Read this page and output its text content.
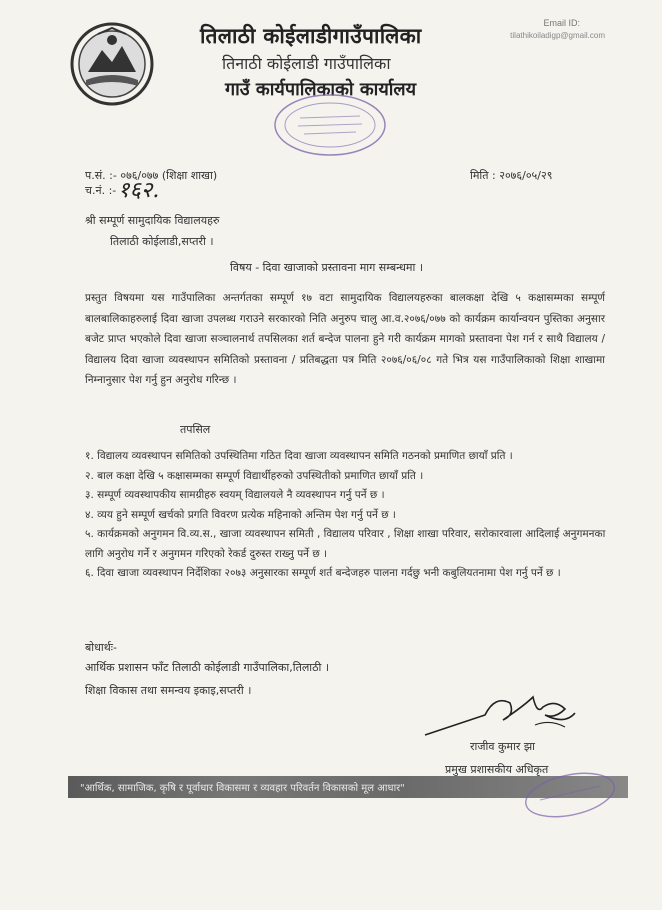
तिलाठी कोईलाडीगाउँपालिका
तिनाठी कोईलाडी गाउँपालिका
गाउँ कार्यपालिकाको कार्यालय
Email ID:
tilathikoiladigp@gmail.com
प.सं. :- ०७६/०७७ (शिक्षा शाखा)
च.नं. :- १६२.
मिति : २०७६/०५/२९
श्री सम्पूर्ण सामुदायिक विद्यालयहरु
तिलाठी कोईलाडी,सप्तरी ।
विषय - दिवा खाजाको प्रस्तावना माग सम्बन्धमा ।
प्रस्तुत विषयमा यस गाउँपालिका अन्तर्गतका सम्पूर्ण १७ वटा सामुदायिक विद्यालयहरुका बालकक्षा देखि ५ कक्षासम्मका सम्पूर्ण बालबालिकाहरुलाई दिवा खाजा उपलब्ध गराउने सरकारको निति अनुरुप चालु आ.व.२०७६/०७७ को कार्यक्रम कार्यान्वयन पुस्तिका अनुसार बजेट प्राप्त भएकोले दिवा खाजा सञ्चालनार्थ तपसिलका शर्त बन्देज पालना हुने गरी कार्यक्रम मागको प्रस्तावना पेश गर्न र साथै विद्यालय / विद्यालय दिवा खाजा व्यवस्थापन समितिको प्रस्तावना / प्रतिबद्धता पत्र मिति २०७६/०६/०८ गते भित्र यस गाउँपालिकाको शिक्षा शाखामा निम्नानुसार पेश गर्नु हुन अनुरोध गरिन्छ ।
तपसिल
१. विद्यालय व्यवस्थापन समितिको उपस्थितिमा गठित दिवा खाजा व्यवस्थापन समिति गठनको प्रमाणित छायाँ प्रति ।
२. बाल कक्षा देखि ५ कक्षासम्मका सम्पूर्ण विद्यार्थीहरुको उपस्थितीको प्रमाणित छायाँ प्रति ।
३. सम्पूर्ण व्यवस्थापकीय सामग्रीहरु स्वयम् विद्यालयले नै व्यवस्थापन गर्नु पर्ने छ ।
४. व्यय हुने सम्पूर्ण खर्चको प्रगति विवरण प्रत्येक महिनाको अन्तिम पेश गर्नु पर्ने छ ।
५. कार्यक्रमको अनुगमन वि.व्य.स., खाजा व्यवस्थापन समिती , विद्यालय परिवार , शिक्षा शाखा परिवार, सरोकारवाला आदिलाई अनुगमनका लागि अनुरोध गर्ने र अनुगमन गरिएको रेकर्ड दुरुस्त राख्नु पर्ने छ ।
६. दिवा खाजा व्यवस्थापन निर्देशिका २०७३ अनुसारका सम्पूर्ण शर्त बन्देजहरु पालना गर्दछु भनी कबुलियतनामा पेश गर्नु पर्ने छ ।
बोधार्थः-
आर्थिक प्रशासन फाँट तिलाठी कोईलाडी गाउँपालिका,तिलाठी ।
शिक्षा विकास तथा समन्वय इकाइ,सप्तरी ।
राजीव कुमार झा
प्रमुख प्रशासकीय अधिकृत
"आर्थिक, सामाजिक, कृषि र पूर्वाधार विकासमा र व्यवहार परिवर्तन विकासको मूल आधार"
